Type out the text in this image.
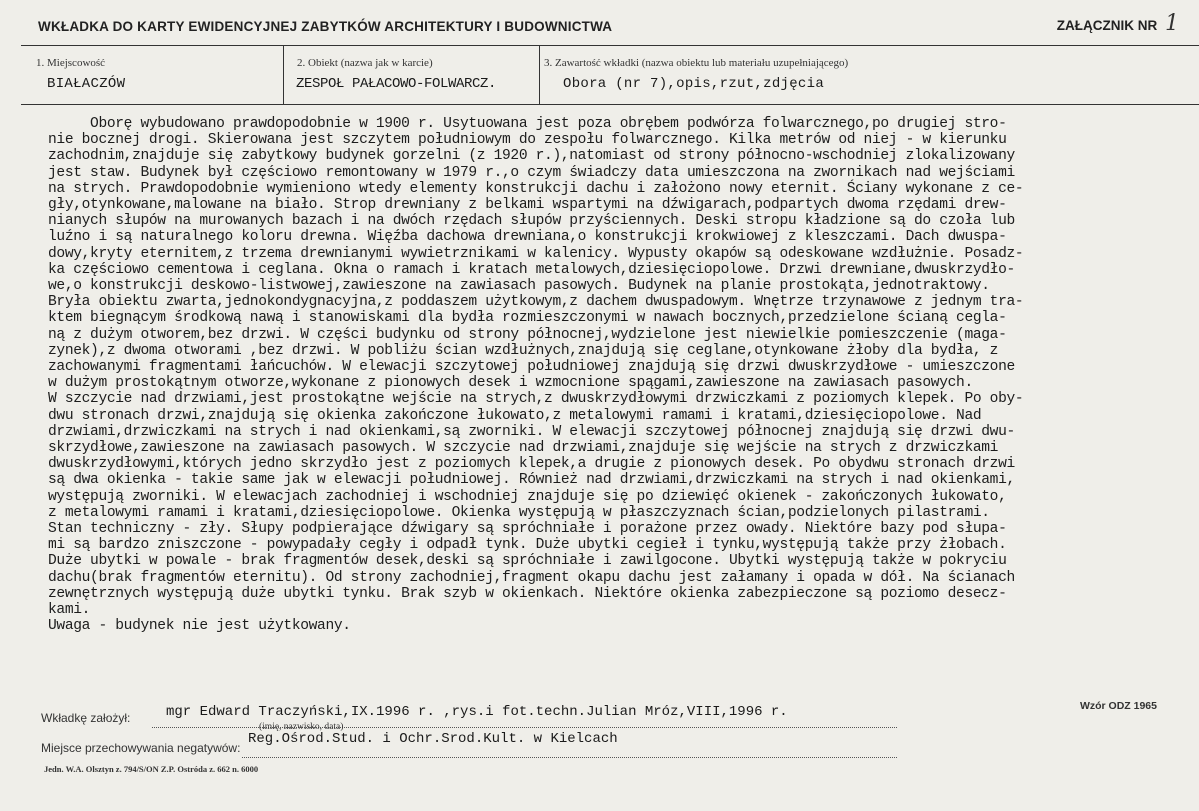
WKŁADKA DO KARTY EWIDENCYJNEJ ZABYTKÓW ARCHITEKTURY I BUDOWNICTWA	ZAŁĄCZNIK NR 1
1. Miejscowość
BIAŁACZÓW
2. Obiekt (nazwa jak w karcie)
ZESPOŁ PAŁACOWO-FOLWARCZ.
3. Zawartość wkładki (nazwa obiektu lub materiału uzupełniającego)
Obora (nr 7),opis,rzut,zdjęcia
Oborę wybudowano prawdopodobnie w 1900 r. Usytuowana jest poza obrębem podwórza folwarcznego,po drugiej stro-
nie bocznej drogi. Skierowana jest szczytem południowym do zespołu folwarcznego. Kilka metrów od niej - w kierunku
zachodnim,znajduje się zabytkowy budynek gorzelni (z 1920 r.),natomiast od strony północno-wschodniej zlokalizowany
jest staw. Budynek był częściowo remontowany w 1979 r.,o czym świadczy data umieszczona na zwornikach nad wejściami
na strych. Prawdopodobnie wymieniono wtedy elementy konstrukcji dachu i założono nowy eternit. Ściany wykonane z ce-
gły,otynkowane,malowane na biało. Strop drewniany z belkami wspartymi na dźwigarach,podpartych dwoma rzędami drew-
nianych słupów na murowanych bazach i na dwóch rzędach słupów przyściennych. Deski stropu kładzione są do czoła lub
luźno i są naturalnego koloru drewna. Więźba dachowa drewniana,o konstrukcji krokwiowej z kleszczami. Dach dwuspa-
dowy,kryty eternitem,z trzema drewnianymi wywietrznikami w kalenicy. Wypusty okapów są odeskowane wzdłużnie. Posadz-
ka częściowo cementowa i ceglana. Okna o ramach i kratach metalowych,dziesięciopolowe. Drzwi drewniane,dwuskrzydło-
we,o konstrukcji deskowo-listwowej,zawieszone na zawiasach pasowych. Budynek na planie prostokąta,jednotraktowy.
Bryła obiektu zwarta,jednokondygnacyjna,z poddaszem użytkowym,z dachem dwuspadowym. Wnętrze trzynawowe z jednym tra-
ktem biegnącym środkową nawą i stanowiskami dla bydła rozmieszczonymi w nawach bocznych,przedzielone ścianą cegla-
ną z dużym otworem,bez drzwi. W części budynku od strony północnej,wydzielone jest niewielkie pomieszczenie (maga-
zynek),z dwoma otworami ,bez drzwi. W pobliżu ścian wzdłużnych,znajdują się ceglane,otynkowane żłoby dla bydła, z
zachowanymi fragmentami łańcuchów. W elewacji szczytowej południowej znajdują się drzwi dwuskrzydłowe - umieszczone
w dużym prostokątnym otworze,wykonane z pionowych desek i wzmocnione spągami,zawieszone na zawiasach pasowych.
W szczycie nad drzwiami,jest prostokątne wejście na strych,z dwuskrzydłowymi drzwiczkami z poziomych klepek. Po oby-
dwu stronach drzwi,znajdują się okienka zakończone łukowato,z metalowymi ramami i kratami,dziesięciopolowe. Nad
drzwiami,drzwiczkami na strych i nad okienkami,są zworniki. W elewacji szczytowej północnej znajdują się drzwi dwu-
skrzydłowe,zawieszone na zawiasach pasowych. W szczycie nad drzwiami,znajduje się wejście na strych z drzwiczkami
dwuskrzydłowymi,których jedno skrzydło jest z poziomych klepek,a drugie z pionowych desek. Po obydwu stronach drzwi
są dwa okienka - takie same jak w elewacji południowej. Również nad drzwiami,drzwiczkami na strych i nad okienkami,
występują zworniki. W elewacjach zachodniej i wschodniej znajduje się po dziewięć okienek - zakończonych łukowato,
z metalowymi ramami i kratami,dziesięciopolowe. Okienka występują w płaszczyznach ścian,podzielonych pilastrami.
Stan techniczny - zły. Słupy podpierające dźwigary są spróchniałe i porażone przez owady. Niektóre bazy pod słupa-
mi są bardzo zniszczone - powypadały cegły i odpadł tynk. Duże ubytki cegieł i tynku,występują także przy żłobach.
Duże ubytki w powale - brak fragmentów desek,deski są spróchniałe i zawilgocone. Ubytki występują także w pokryciu
dachu(brak fragmentów eternitu). Od strony zachodniej,fragment okapu dachu jest załamany i opada w dół. Na ścianach
zewnętrznych występują duże ubytki tynku. Brak szyb w okienkach. Niektóre okienka zabezpieczone są poziomo desecz-
kami.
Uwaga - budynek nie jest użytkowany.
Wkładkę założył:	mgr Edward Traczyński,IX.1996 r. ,rys.i fot.techn.Julian Mróz,VIII,1996 r.
(imię, nazwisko, data)
Miejsce przechowywania negatywów:
Reg.Ośrod.Stud. i Ochr.Srod.Kult. w Kielcach
Wzór ODZ 1965
Jedn. W.A. Olsztyn z. 794/S/ON Z.P. Ostróda z. 662 n. 6000
